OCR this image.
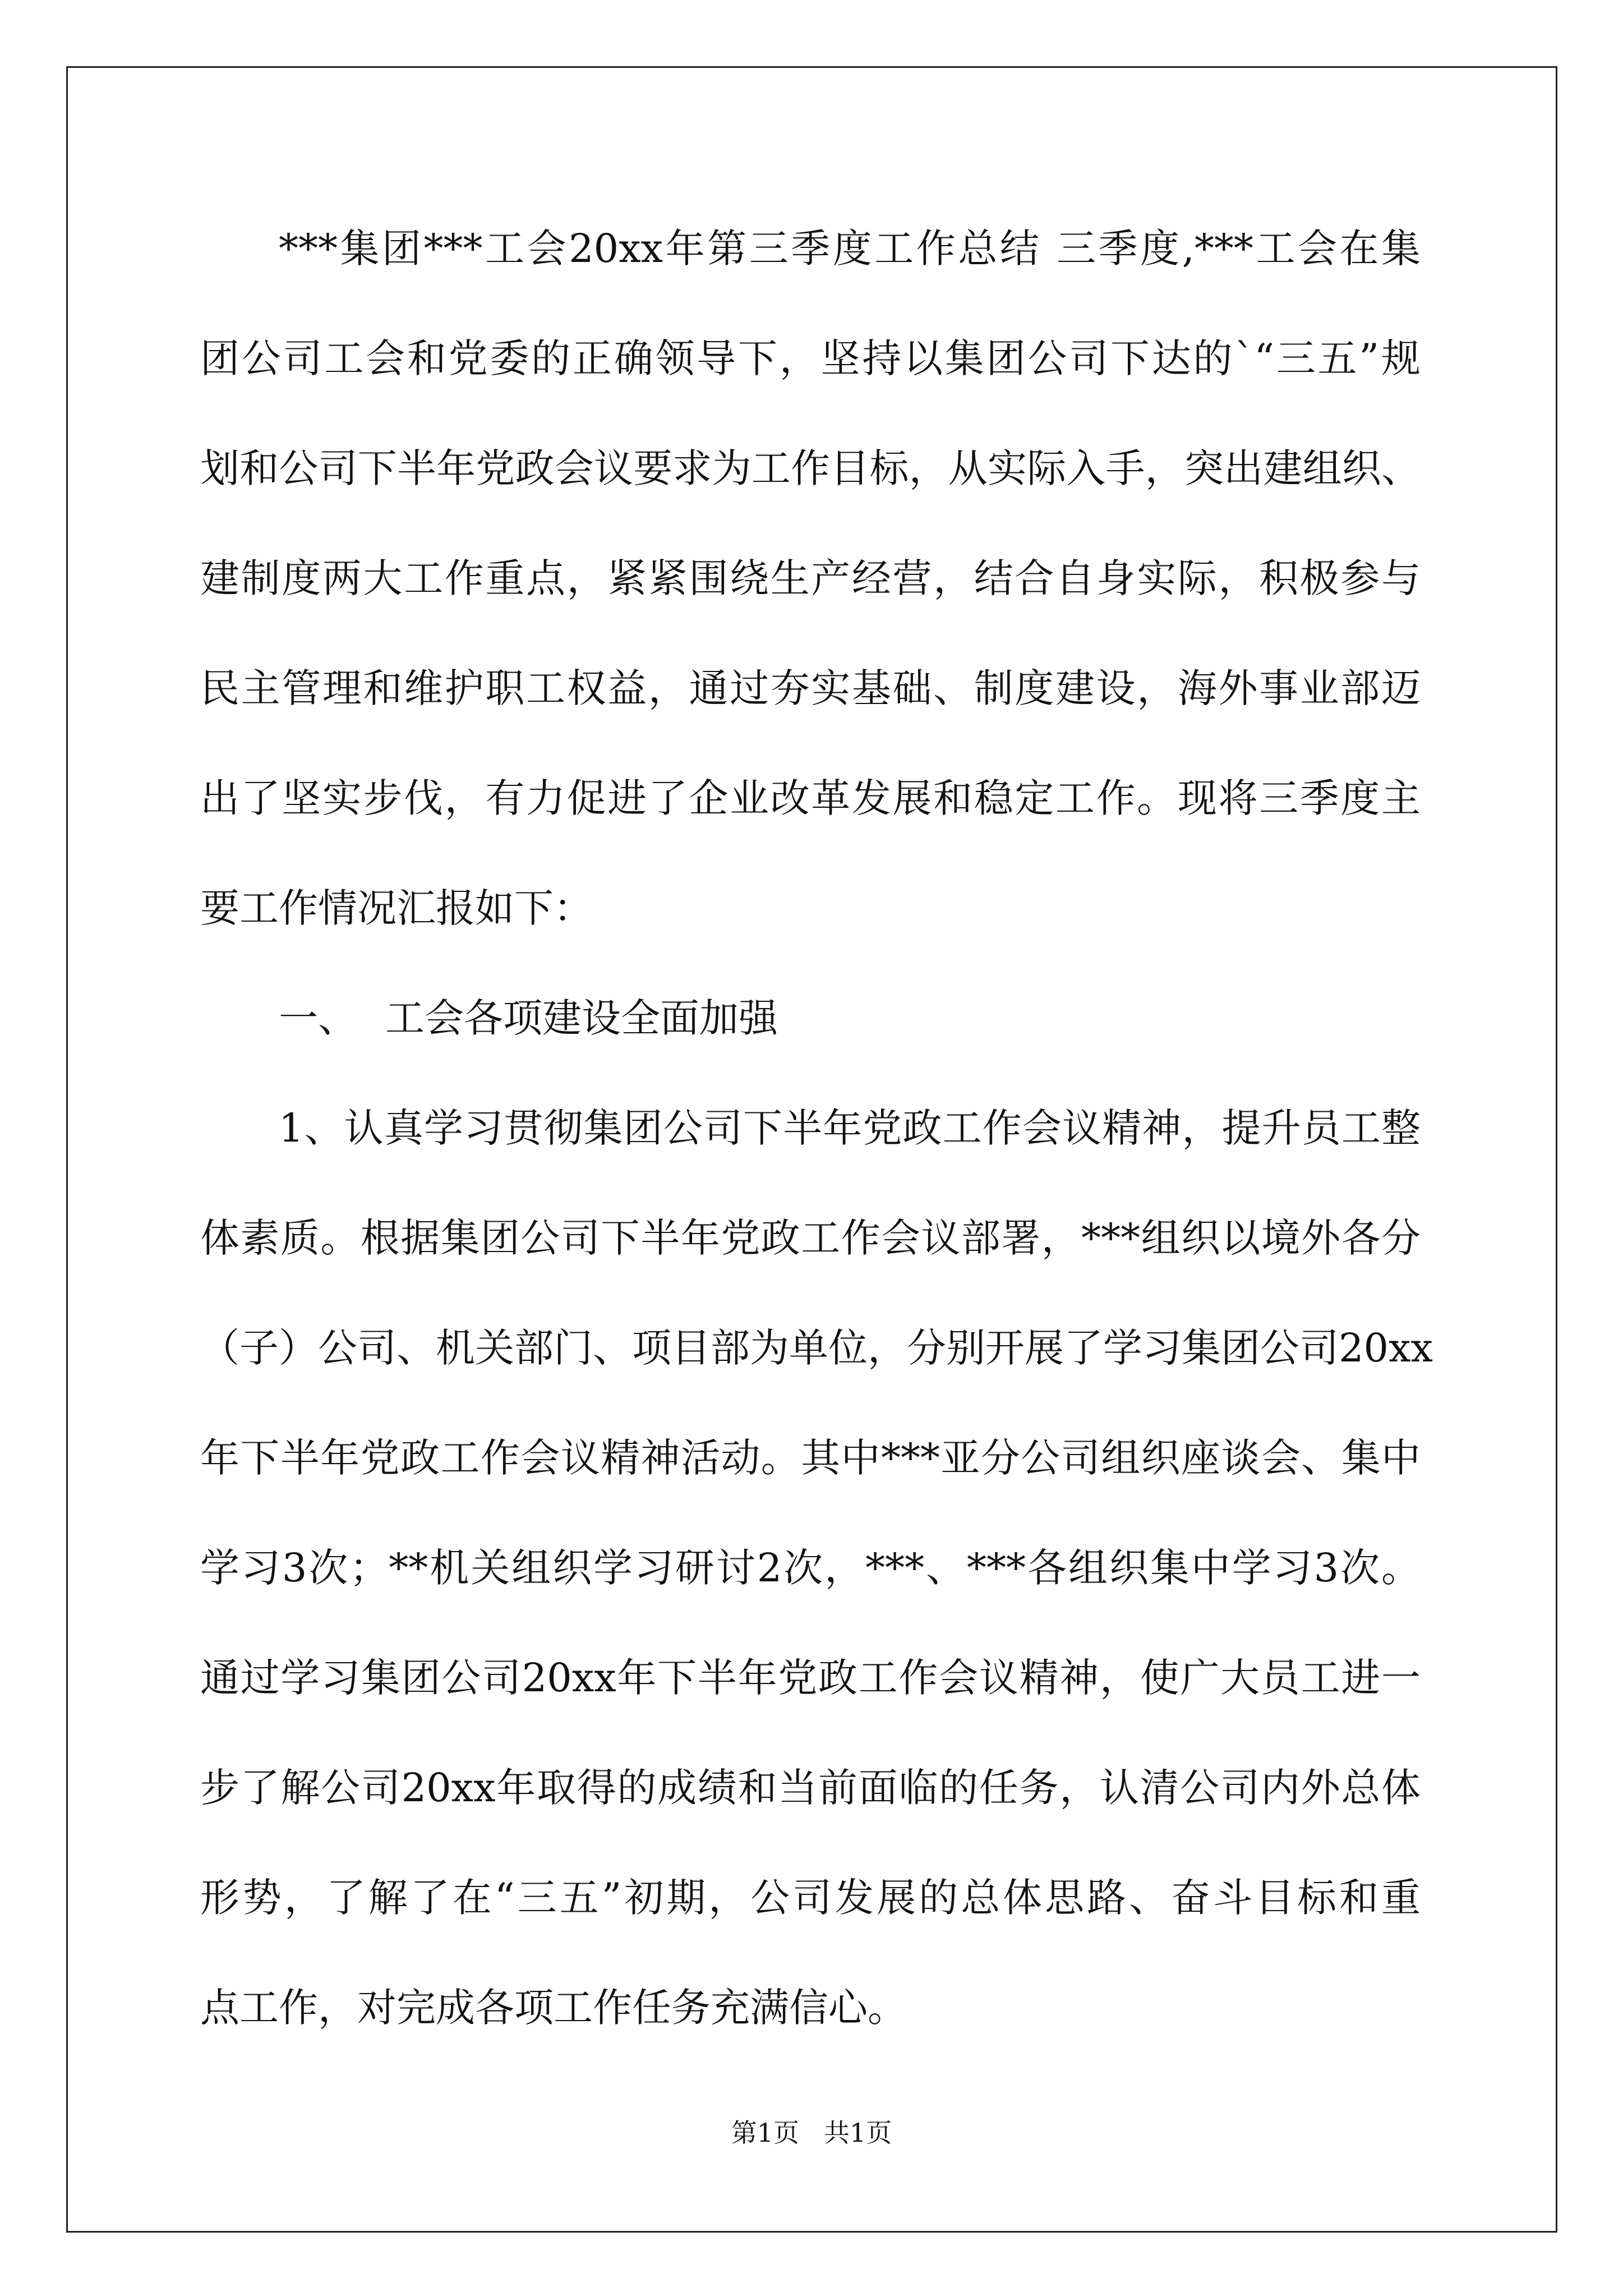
***集团***工会20xx年第三季度工作总结 三季度,***工会在集
团公司工会和党委的正确领导下，坚持以集团公司下达的`“三五”规
划和公司下半年党政会议要求为工作目标，从实际入手，突出建组织、
建制度两大工作重点，紧紧围绕生产经营，结合自身实际，积极参与
民主管理和维护职工权益，通过夯实基础、制度建设，海外事业部迈
出了坚实步伐，有力促进了企业改革发展和稳定工作。现将三季度主
要工作情况汇报如下：
一、 工会各项建设全面加强
1、认真学习贯彻集团公司下半年党政工作会议精神，提升员工整
体素质。根据集团公司下半年党政工作会议部署，***组织以境外各分
（子）公司、机关部门、项目部为单位，分别开展了学习集团公司20xx
年下半年党政工作会议精神活动。其中***亚分公司组织座谈会、集中
学习3次；**机关组织学习研讨2次，***、***各组织集中学习3次。
通过学习集团公司20xx年下半年党政工作会议精神，使广大员工进一
步了解公司20xx年取得的成绩和当前面临的任务，认清公司内外总体
形势，了解了在“三五”初期，公司发展的总体思路、奋斗目标和重
点工作，对完成各项工作任务充满信心。
第1页 共1页
